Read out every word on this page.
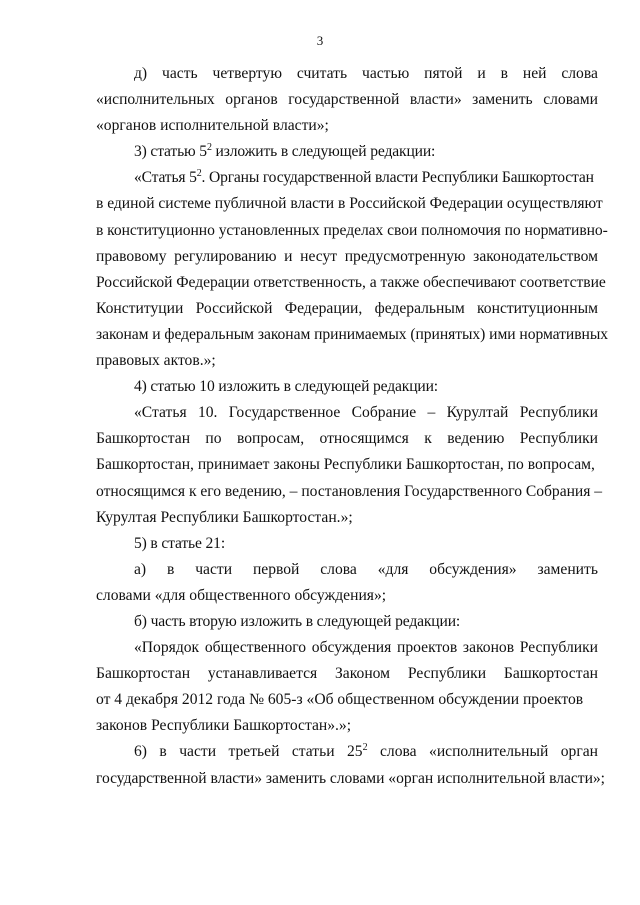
3
д) часть четвертую считать частью пятой и в ней слова
«исполнительных органов государственной власти» заменить словами
«органов исполнительной власти»;
3) статью $5^2$ изложить в следующей редакции:
«Статья $5^2$. Органы государственной власти Республики Башкортостан
в единой системе публичной власти в Российской Федерации осуществляют
в конституционно установленных пределах свои полномочия по нормативно-
правовому регулированию и несут предусмотренную законодательством
Российской Федерации ответственность, а также обеспечивают соответствие
Конституции Российской Федерации, федеральным конституционным
законам и федеральным законам принимаемых (принятых) ими нормативных
правовых актов.»;
4) статью 10 изложить в следующей редакции:
«Статья 10. Государственное Собрание – Курултай Республики
Башкортостан по вопросам, относящимся к ведению Республики
Башкортостан, принимает законы Республики Башкортостан, по вопросам,
относящимся к его ведению, – постановления Государственного Собрания –
Курултая Республики Башкортостан.»;
5) в статье 21:
а) в части первой слова «для обсуждения» заменить
словами «для общественного обсуждения»;
б) часть вторую изложить в следующей редакции:
«Порядок общественного обсуждения проектов законов Республики
Башкортостан устанавливается Законом Республики Башкортостан
от 4 декабря 2012 года № 605-з «Об общественном обсуждении проектов
законов Республики Башкортостан».»;
6) в части третьей статьи $25^2$ слова «исполнительный орган
государственной власти» заменить словами «орган исполнительной власти»;
